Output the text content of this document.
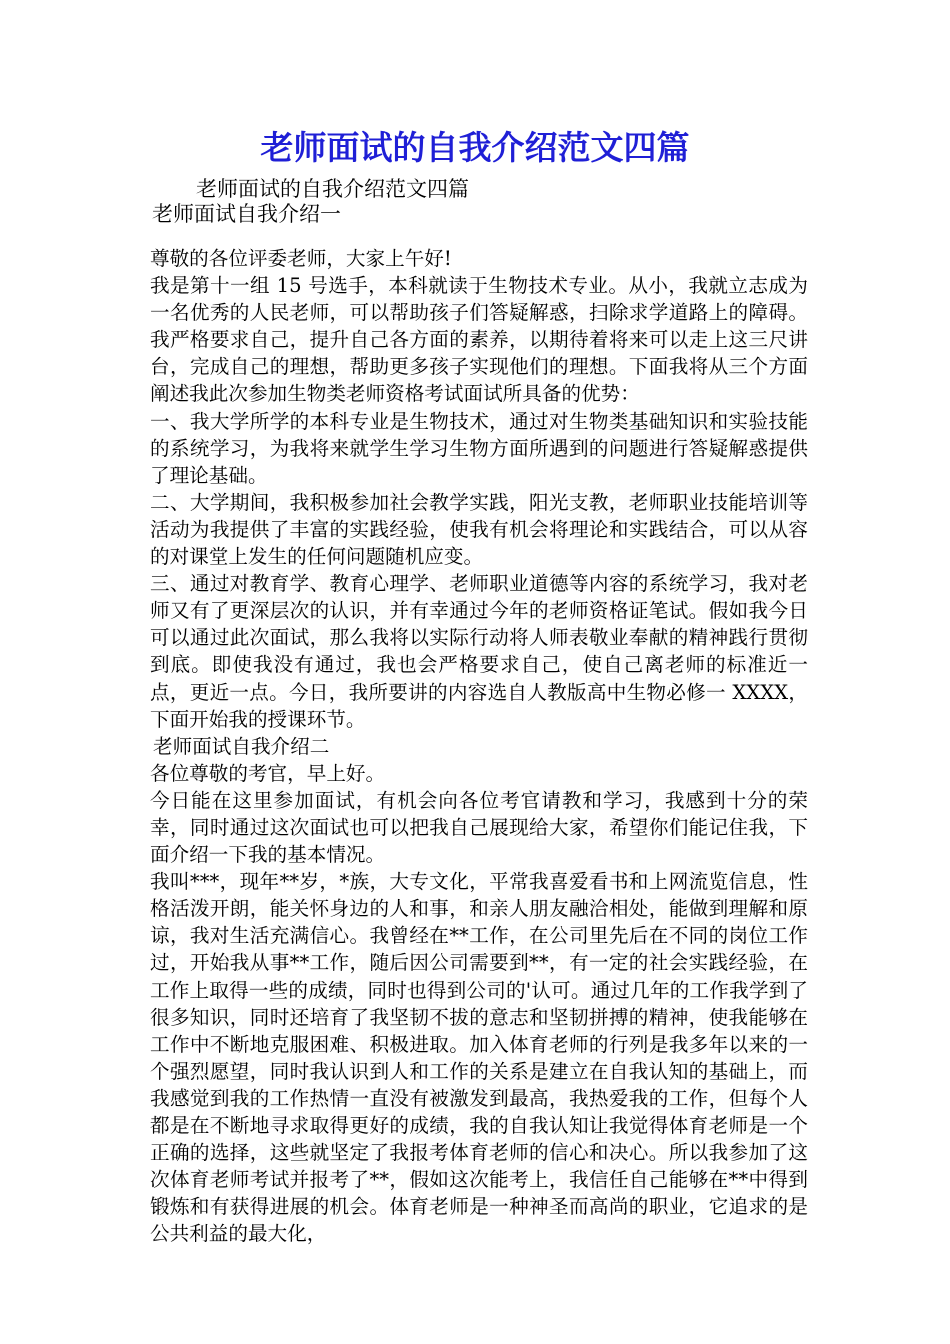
老师面试的自我介绍范文四篇
老师面试的自我介绍范文四篇
老师面试自我介绍一

尊敬的各位评委老师，大家上午好!

我是第十一组 15 号选手，本科就读于生物技术专业。从小，我就立志成为一名优秀的人民老师，可以帮助孩子们答疑解惑，扫除求学道路上的障碍。我严格要求自己，提升自己各方面的素养，以期待着将来可以走上这三尺讲台，完成自己的理想，帮助更多孩子实现他们的理想。下面我将从三个方面阐述我此次参加生物类老师资格考试面试所具备的优势：

一、我大学所学的本科专业是生物技术，通过对生物类基础知识和实验技能的系统学习，为我将来就学生学习生物方面所遇到的问题进行答疑解惑提供了理论基础。

二、大学期间，我积极参加社会教学实践，阳光支教，老师职业技能培训等活动为我提供了丰富的实践经验，使我有机会将理论和实践结合，可以从容的对课堂上发生的任何问题随机应变。

三、通过对教育学、教育心理学、老师职业道德等内容的系统学习，我对老师又有了更深层次的认识，并有幸通过今年的老师资格证笔试。假如我今日可以通过此次面试，那么我将以实际行动将人师表敬业奉献的精神践行贯彻到底。即使我没有通过，我也会严格要求自己，使自己离老师的标准近一点，更近一点。今日，我所要讲的内容选自人教版高中生物必修一 XXXX，下面开始我的授课环节。

老师面试自我介绍二

各位尊敬的考官，早上好。

今日能在这里参加面试，有机会向各位考官请教和学习，我感到十分的荣幸，同时通过这次面试也可以把我自己展现给大家，希望你们能记住我，下面介绍一下我的基本情况。

我叫***，现年**岁，*族，大专文化，平常我喜爱看书和上网流览信息，性格活泼开朗，能关怀身边的人和事，和亲人朋友融洽相处，能做到理解和原谅，我对生活充满信心。我曾经在**工作，在公司里先后在不同的岗位工作过，开始我从事**工作，随后因公司需要到**，有一定的社会实践经验，在工作上取得一些的成绩，同时也得到公司的'认可。通过几年的工作我学到了很多知识，同时还培育了我坚韧不拔的意志和坚韧拼搏的精神，使我能够在工作中不断地克服困难、积极进取。加入体育老师的行列是我多年以来的一个强烈愿望，同时我认识到人和工作的关系是建立在自我认知的基础上，而我感觉到我的工作热情一直没有被激发到最高，我热爱我的工作，但每个人都是在不断地寻求取得更好的成绩，我的自我认知让我觉得体育老师是一个正确的选择，这些就坚定了我报考体育老师的信心和决心。所以我参加了这次体育老师考试并报考了**，假如这次能考上，我信任自己能够在**中得到锻炼和有获得进展的机会。体育老师是一种神圣而高尚的职业，它追求的是公共利益的最大化，
